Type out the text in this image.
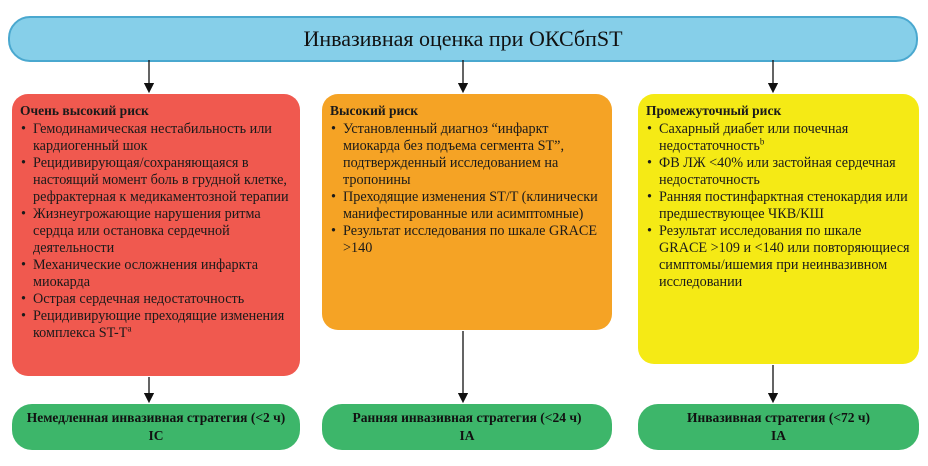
Инвазивная оценка при ОКСбпST
Очень высокий риск
• Гемодинамическая нестабильность или кардиогенный шок
• Рецидивирующая/сохраняющаяся в настоящий момент боль в грудной клетке, рефрактерная к медикаментозной терапии
• Жизнеугрожающие нарушения ритма сердца или остановка сердечной деятельности
• Механические осложнения инфаркта миокарда
• Острая сердечная недостаточность
• Рецидивирующие преходящие изменения комплекса $ST-T^a$
Высокий риск
• Установленный диагноз “инфаркт миокарда без подъема сегмента ST”, подтвержденный исследованием на тропонины
• Преходящие изменения ST/T (клинически манифестированные или асимптомные)
• Результат исследования по шкале GRACE >140
Промежуточный риск
• Сахарный диабет или почечная недостаточность$^b$
• ФВ ЛЖ <40% или застойная сердечная недостаточность
• Ранняя постинфарктная стенокардия или предшествующее ЧКВ/КШ
• Результат исследования по шкале GRACE >109 и <140 или повторяющиеся симптомы/ишемия при неинвазивном исследовании
Немедленная инвазивная стратегия (<2 ч)
IC
Ранняя инвазивная стратегия (<24 ч)
IA
Инвазивная стратегия (<72 ч)
IA
